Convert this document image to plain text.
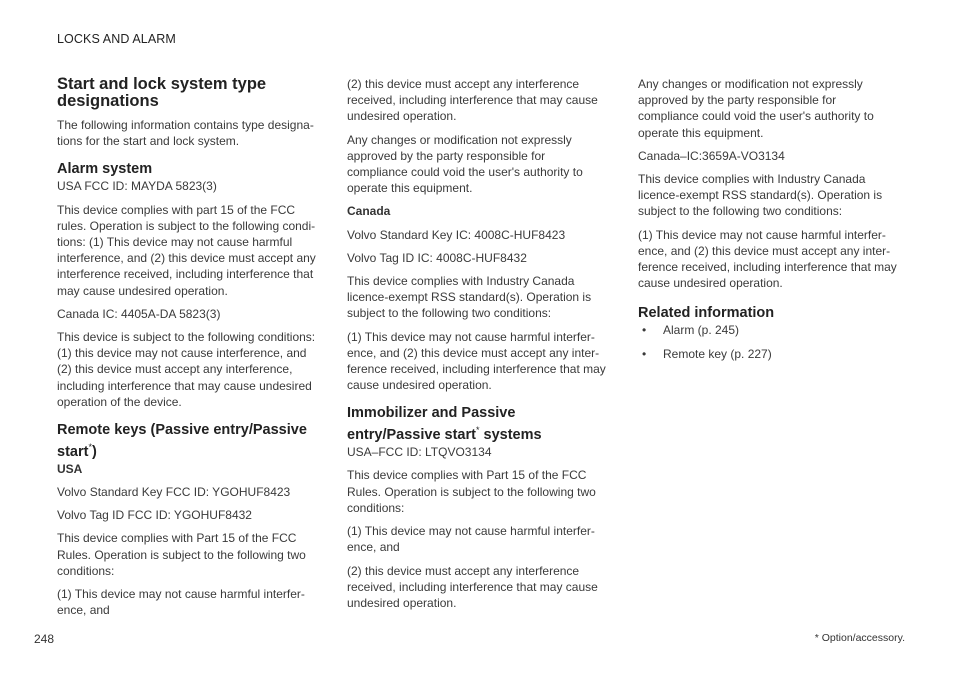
LOCKS AND ALARM
Start and lock system type designations

The following information contains type designa-tions for the start and lock system.

Alarm system

USA FCC ID: MAYDA 5823(3)

This device complies with part 15 of the FCC rules. Operation is subject to the following condi-tions: (1) This device may not cause harmful interference, and (2) this device must accept any interference received, including interference that may cause undesired operation.

Canada IC: 4405A-DA 5823(3)

This device is subject to the following conditions: (1) this device may not cause interference, and (2) this device must accept any interference, including interference that may cause undesired operation of the device.

Remote keys (Passive entry/Passive start*)

USA

Volvo Standard Key FCC ID: YGOHUF8423

Volvo Tag ID FCC ID: YGOHUF8432

This device complies with Part 15 of the FCC Rules. Operation is subject to the following two conditions:

(1) This device may not cause harmful interfer-ence, and

(2) this device must accept any interference received, including interference that may cause undesired operation.

Any changes or modification not expressly approved by the party responsible for compliance could void the user's authority to operate this equipment.

Canada

Volvo Standard Key IC: 4008C-HUF8423

Volvo Tag ID IC: 4008C-HUF8432

This device complies with Industry Canada licence-exempt RSS standard(s). Operation is subject to the following two conditions:

(1) This device may not cause harmful interfer-ence, and (2) this device must accept any inter-ference received, including interference that may cause undesired operation.

Immobilizer and Passive entry/Passive start* systems

USA–FCC ID: LTQVO3134

This device complies with Part 15 of the FCC Rules. Operation is subject to the following two conditions:

(1) This device may not cause harmful interfer-ence, and

(2) this device must accept any interference received, including interference that may cause undesired operation.

Any changes or modification not expressly approved by the party responsible for compliance could void the user's authority to operate this equipment.

Canada–IC:3659A-VO3134

This device complies with Industry Canada licence-exempt RSS standard(s). Operation is subject to the following two conditions:

(1) This device may not cause harmful interfer-ence, and (2) this device must accept any inter-ference received, including interference that may cause undesired operation.

Related information
• Alarm (p. 245)
• Remote key (p. 227)
248	* Option/accessory.
